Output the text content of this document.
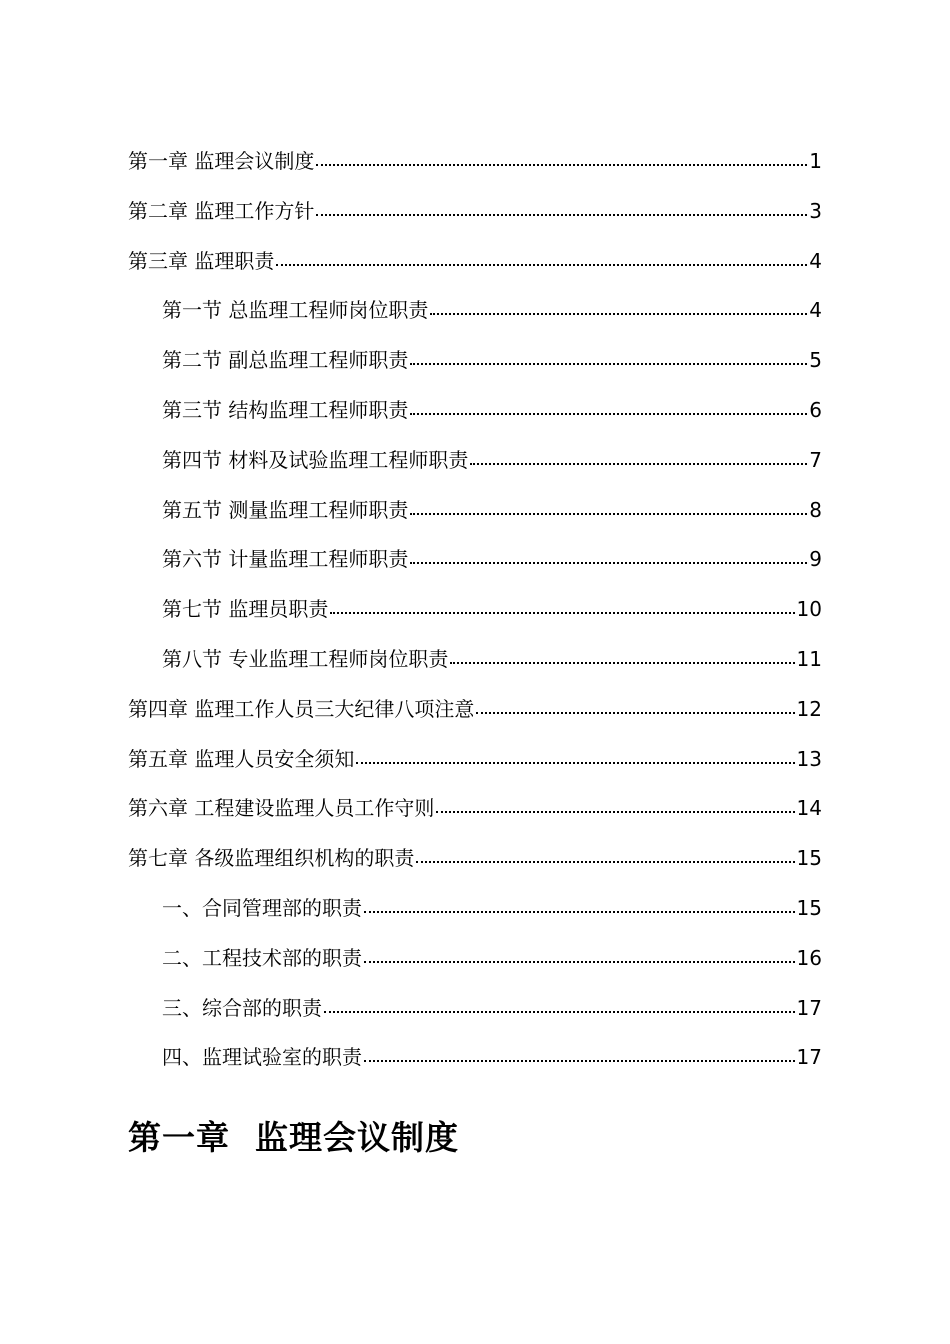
第一章 监理会议制度	1
第二章 监理工作方针	3
第三章 监理职责	4
第一节 总监理工程师岗位职责	4
第二节 副总监理工程师职责	5
第三节 结构监理工程师职责	6
第四节 材料及试验监理工程师职责	7
第五节 测量监理工程师职责	8
第六节 计量监理工程师职责	9
第七节 监理员职责	10
第八节 专业监理工程师岗位职责	11
第四章 监理工作人员三大纪律八项注意	12
第五章 监理人员安全须知	13
第六章 工程建设监理人员工作守则	14
第七章 各级监理组织机构的职责	15
一、合同管理部的职责	15
二、工程技术部的职责	16
三、综合部的职责	17
四、监理试验室的职责	17
第一章  监理会议制度
